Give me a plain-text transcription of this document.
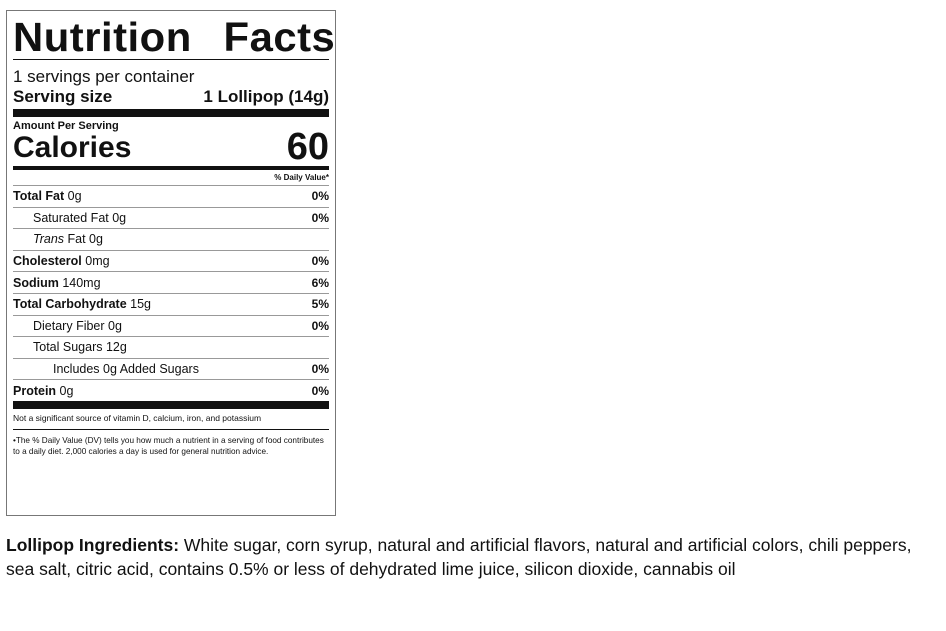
Nutrition Facts
1 servings per container
Serving size	1 Lollipop (14g)
Amount Per Serving
Calories	60
% Daily Value*
Total Fat 0g	0%
Saturated Fat 0g	0%
Trans Fat 0g
Cholesterol 0mg	0%
Sodium 140mg	6%
Total Carbohydrate 15g	5%
Dietary Fiber 0g	0%
Total Sugars 12g
Includes 0g Added Sugars	0%
Protein 0g	0%
Not a significant source of vitamin D, calcium, iron, and potassium
•The % Daily Value (DV) tells you how much a nutrient in a serving of food contributes to a daily diet. 2,000 calories a day is used for general nutrition advice.
Lollipop Ingredients: White sugar, corn syrup, natural and artificial flavors, natural and artificial colors, chili peppers, sea salt, citric acid, contains 0.5% or less of dehydrated lime juice, silicon dioxide, cannabis oil
